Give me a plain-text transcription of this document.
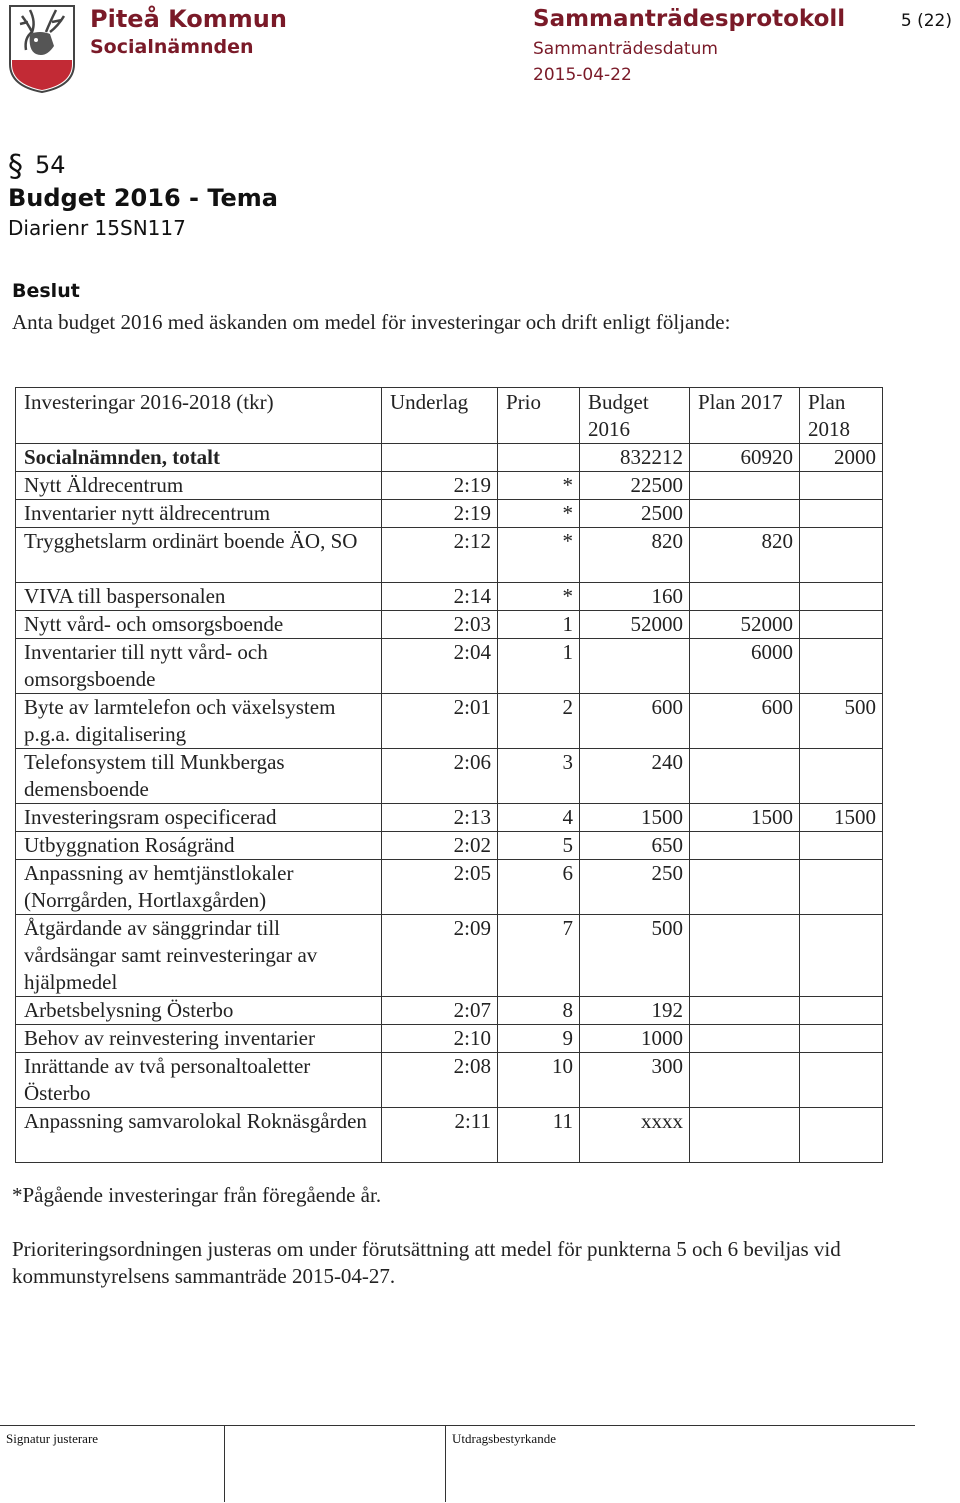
Piteå Kommun
Socialnämnden
Sammanträdesprotokoll
Sammanträdesdatum
2015-04-22
5 (22)
§ 54
Budget 2016 - Tema
Diarienr 15SN117
Beslut
Anta budget 2016 med äskanden om medel för investeringar och drift enligt följande:
Investeringar 2016-2018 (tkr)	Underlag	Prio	Budget 2016	Plan 2017	Plan 2018
Socialnämnden, totalt			832212	60920	2000
Nytt Äldrecentrum	2:19	*	22500		
Inventarier nytt äldrecentrum	2:19	*	2500		
Trygghetslarm ordinärt boende ÄO, SO	2:12	*	820	820	
VIVA till baspersonalen	2:14	*	160		
Nytt vård- och omsorgsboende	2:03	1	52000	52000	
Inventarier till nytt vård- och omsorgsboende	2:04	1		6000	
Byte av larmtelefon och växelsystem p.g.a. digitalisering	2:01	2	600	600	500
Telefonsystem till Munkbergas demensboende	2:06	3	240		
Investeringsram ospecificerad	2:13	4	1500	1500	1500
Utbyggnation Roságränd	2:02	5	650		
Anpassning av hemtjänstlokaler (Norrgården, Hortlaxgården)	2:05	6	250		
Åtgärdande av sänggrindar till vårdsängar samt reinvesteringar av hjälpmedel	2:09	7	500		
Arbetsbelysning Österbo	2:07	8	192		
Behov av reinvestering inventarier	2:10	9	1000		
Inrättande av två personaltoaletter Österbo	2:08	10	300		
Anpassning samvarolokal Roknäsgården	2:11	11	xxxx		
*Pågående investeringar från föregående år.
Prioriteringsordningen justeras om under förutsättning att medel för punkterna 5 och 6 beviljas vid kommunstyrelsens sammanträde 2015-04-27.
Signatur justerare	Utdragsbestyrkande
